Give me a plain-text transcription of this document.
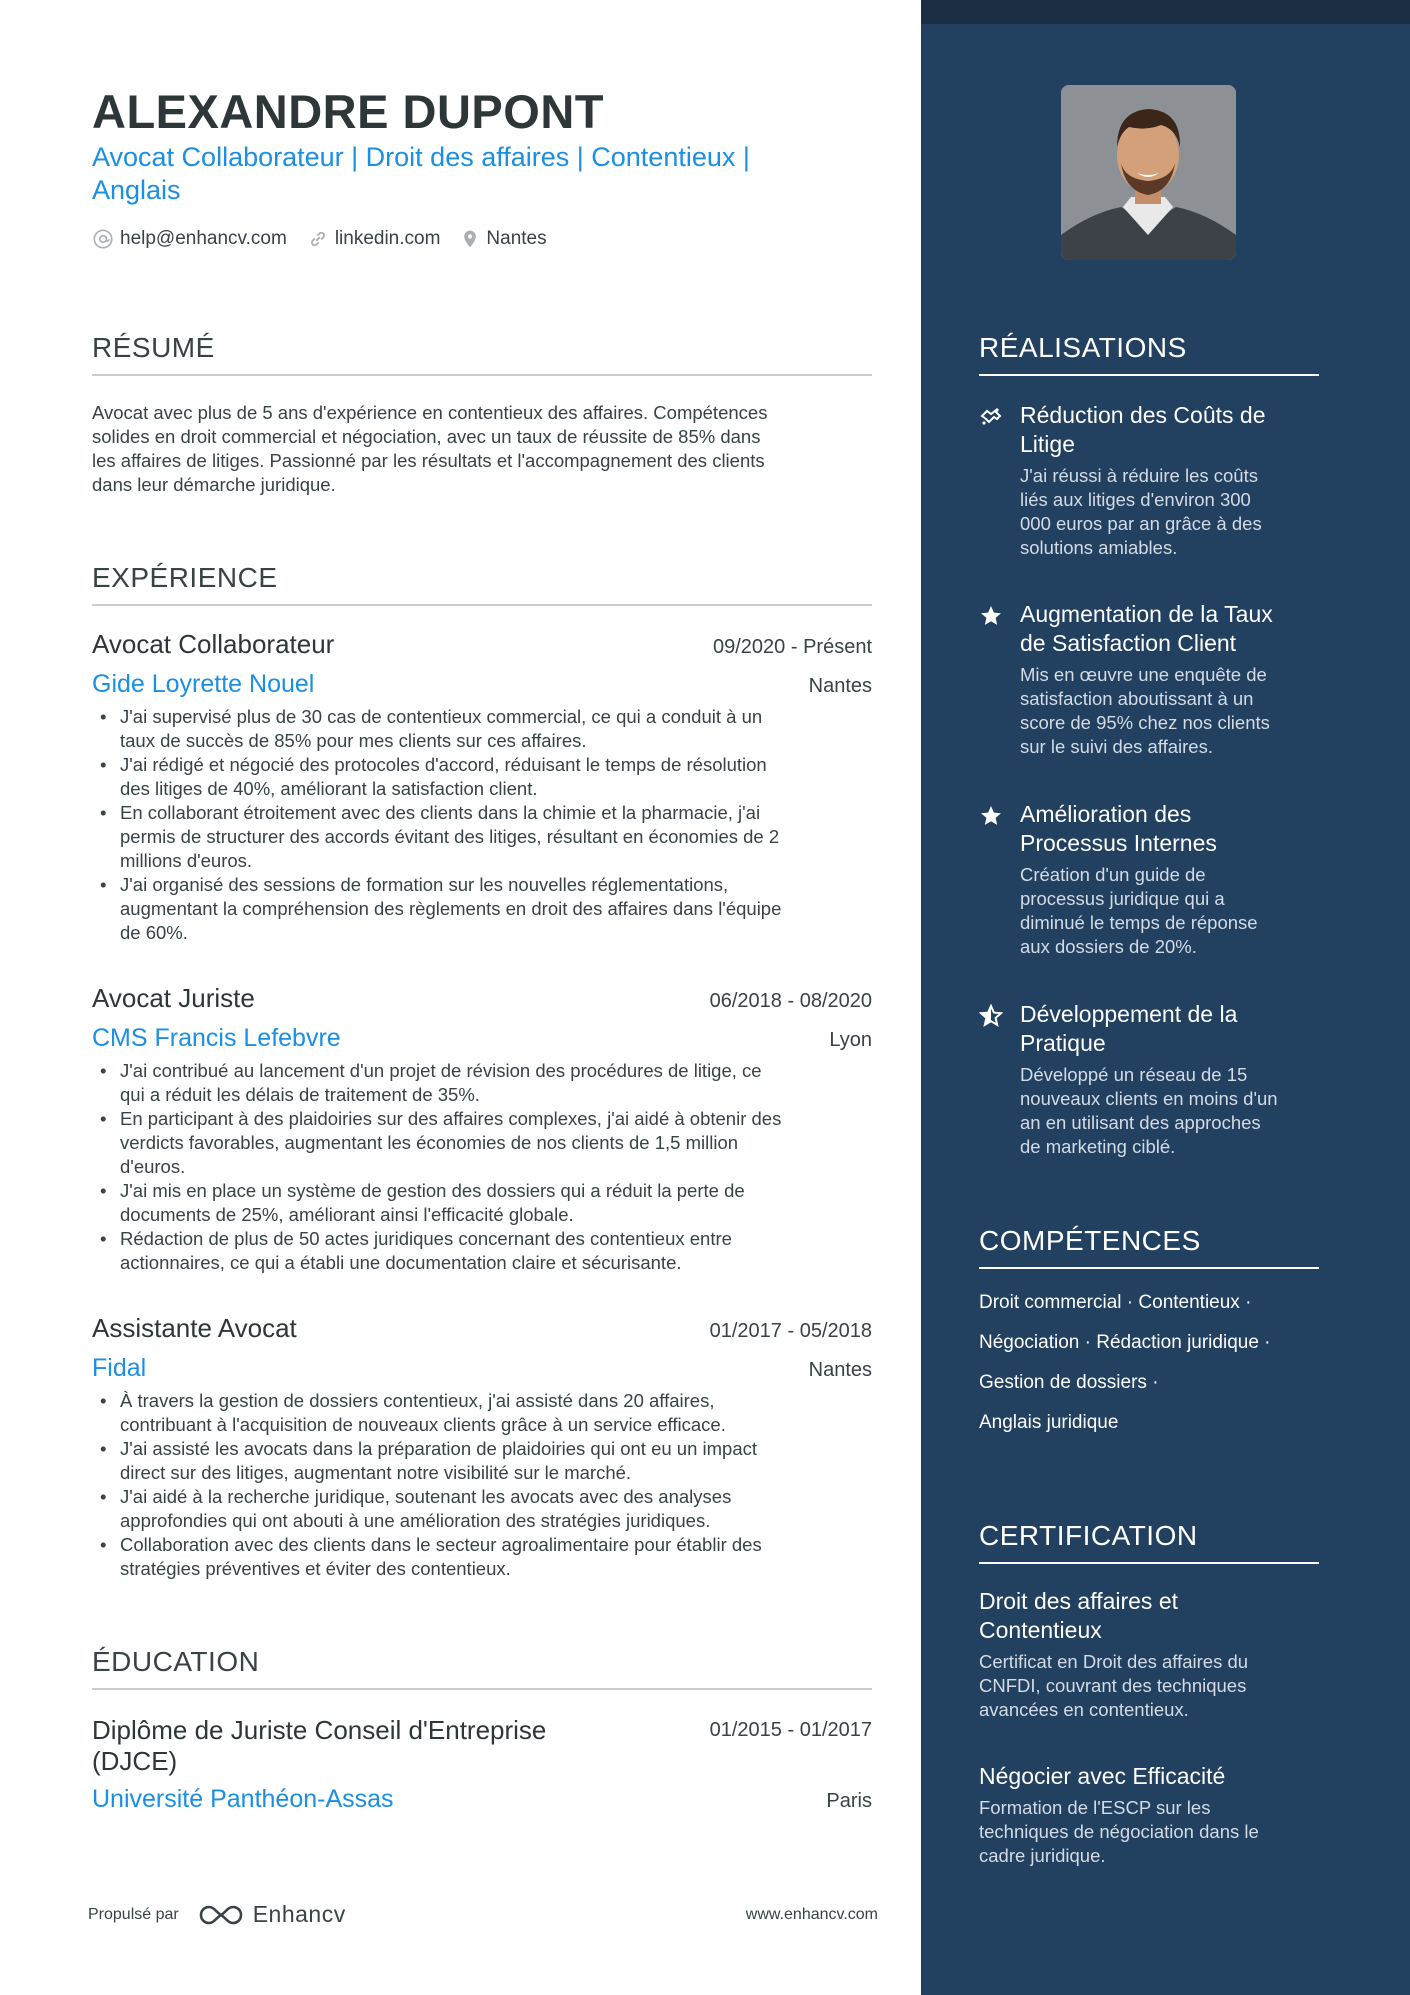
ALEXANDRE DUPONT
Avocat Collaborateur | Droit des affaires | Contentieux |
Anglais
help@enhancv.com	linkedin.com Nantes
RÉSUMÉ
Avocat avec plus de 5 ans d'expérience en contentieux des affaires. Compétences
solides en droit commercial et négociation, avec un taux de réussite de 85% dans
les affaires de litiges. Passionné par les résultats et l'accompagnement des clients
dans leur démarche juridique.
EXPÉRIENCE
Avocat Collaborateur	09/2020 - Présent
Gide Loyrette Nouel	Nantes
• J'ai supervisé plus de 30 cas de contentieux commercial, ce qui a conduit à un
taux de succès de 85% pour mes clients sur ces affaires.
• J'ai rédigé et négocié des protocoles d'accord, réduisant le temps de résolution
des litiges de 40%, améliorant la satisfaction client.
• En collaborant étroitement avec des clients dans la chimie et la pharmacie, j'ai
permis de structurer des accords évitant des litiges, résultant en économies de 2
millions d'euros.
• J'ai organisé des sessions de formation sur les nouvelles réglementations,
augmentant la compréhension des règlements en droit des affaires dans l'équipe
de 60%.
Avocat Juriste	06/2018 - 08/2020
CMS Francis Lefebvre	Lyon
• J'ai contribué au lancement d'un projet de révision des procédures de litige, ce
qui a réduit les délais de traitement de 35%.
• En participant à des plaidoiries sur des affaires complexes, j'ai aidé à obtenir des
verdicts favorables, augmentant les économies de nos clients de 1,5 million
d'euros.
• J'ai mis en place un système de gestion des dossiers qui a réduit la perte de
documents de 25%, améliorant ainsi l'efficacité globale.
• Rédaction de plus de 50 actes juridiques concernant des contentieux entre
actionnaires, ce qui a établi une documentation claire et sécurisante.
Assistante Avocat	01/2017 - 05/2018
Fidal	Nantes
• À travers la gestion de dossiers contentieux, j'ai assisté dans 20 affaires,
contribuant à l'acquisition de nouveaux clients grâce à un service efficace.
• J'ai assisté les avocats dans la préparation de plaidoiries qui ont eu un impact
direct sur des litiges, augmentant notre visibilité sur le marché.
• J'ai aidé à la recherche juridique, soutenant les avocats avec des analyses
approfondies qui ont abouti à une amélioration des stratégies juridiques.
• Collaboration avec des clients dans le secteur agroalimentaire pour établir des
stratégies préventives et éviter des contentieux.
ÉDUCATION
Diplôme de Juriste Conseil d'Entreprise
(DJCE)
01/2015 - 01/2017
Université Panthéon-Assas	Paris
Propulsé par	Enhancv	www.enhancv.com
RÉALISATIONS
Réduction des Coûts de
Litige
J'ai réussi à réduire les coûts
liés aux litiges d'environ 300
000 euros par an grâce à des
solutions amiables.
Augmentation de la Taux
de Satisfaction Client
Mis en œuvre une enquête de
satisfaction aboutissant à un
score de 95% chez nos clients
sur le suivi des affaires.
Amélioration des
Processus Internes
Création d'un guide de
processus juridique qui a
diminué le temps de réponse
aux dossiers de 20%.
Développement de la
Pratique
Développé un réseau de 15
nouveaux clients en moins d'un
an en utilisant des approches
de marketing ciblé.
COMPÉTENCES
Droit commercial · Contentieux ·
Négociation · Rédaction juridique ·
Gestion de dossiers ·
Anglais juridique
CERTIFICATION
Droit des affaires et
Contentieux
Certificat en Droit des affaires du
CNFDI, couvrant des techniques
avancées en contentieux.
Négocier avec Efficacité
Formation de l'ESCP sur les
techniques de négociation dans le
cadre juridique.
